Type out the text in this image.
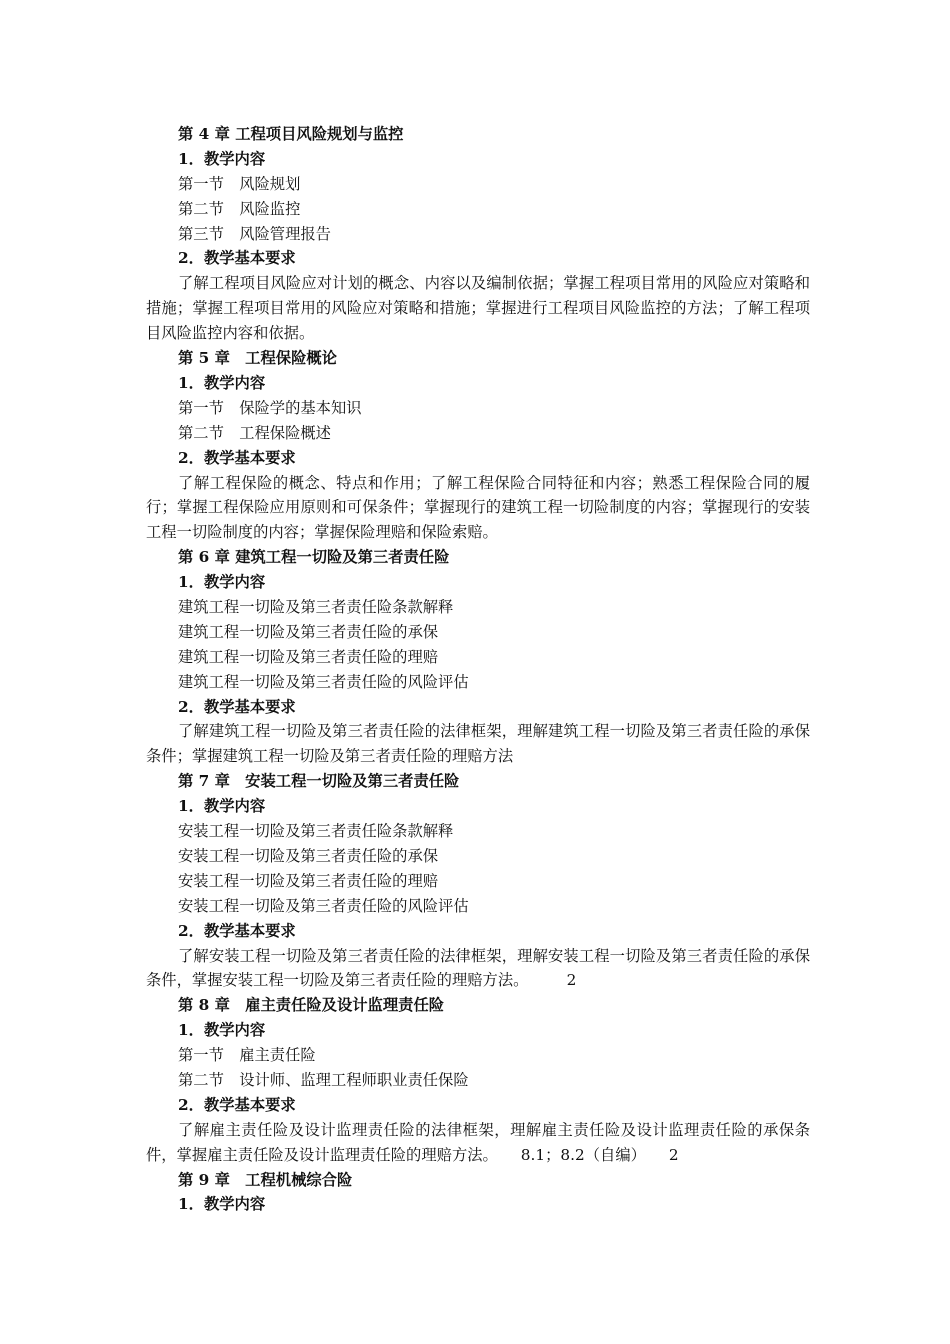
第 4 章 工程项目风险规划与监控
1．教学内容
第一节　风险规划
第二节　风险监控
第三节　风险管理报告
2．教学基本要求
了解工程项目风险应对计划的概念、内容以及编制依据；掌握工程项目常用的风险应对策略和措施；掌握工程项目常用的风险应对策略和措施；掌握进行工程项目风险监控的方法；了解工程项目风险监控内容和依据。
第 5 章　工程保险概论
1．教学内容
第一节　保险学的基本知识
第二节　工程保险概述
2．教学基本要求
了解工程保险的概念、特点和作用；了解工程保险合同特征和内容；熟悉工程保险合同的履行；掌握工程保险应用原则和可保条件；掌握现行的建筑工程一切险制度的内容；掌握现行的安装工程一切险制度的内容；掌握保险理赔和保险索赔。
第 6 章 建筑工程一切险及第三者责任险
1．教学内容
建筑工程一切险及第三者责任险条款解释
建筑工程一切险及第三者责任险的承保
建筑工程一切险及第三者责任险的理赔
建筑工程一切险及第三者责任险的风险评估
2．教学基本要求
了解建筑工程一切险及第三者责任险的法律框架，理解建筑工程一切险及第三者责任险的承保条件；掌握建筑工程一切险及第三者责任险的理赔方法
第 7 章　安装工程一切险及第三者责任险
1．教学内容
安装工程一切险及第三者责任险条款解释
安装工程一切险及第三者责任险的承保
安装工程一切险及第三者责任险的理赔
安装工程一切险及第三者责任险的风险评估
2．教学基本要求
了解安装工程一切险及第三者责任险的法律框架，理解安装工程一切险及第三者责任险的承保条件，掌握安装工程一切险及第三者责任险的理赔方法。　　　2
第 8 章　雇主责任险及设计监理责任险
1．教学内容
第一节　雇主责任险
第二节　设计师、监理工程师职业责任保险
2．教学基本要求
了解雇主责任险及设计监理责任险的法律框架，理解雇主责任险及设计监理责任险的承保条件，掌握雇主责任险及设计监理责任险的理赔方法。　　8.1；8.2（自编）　　2
第 9 章　工程机械综合险
1．教学内容
